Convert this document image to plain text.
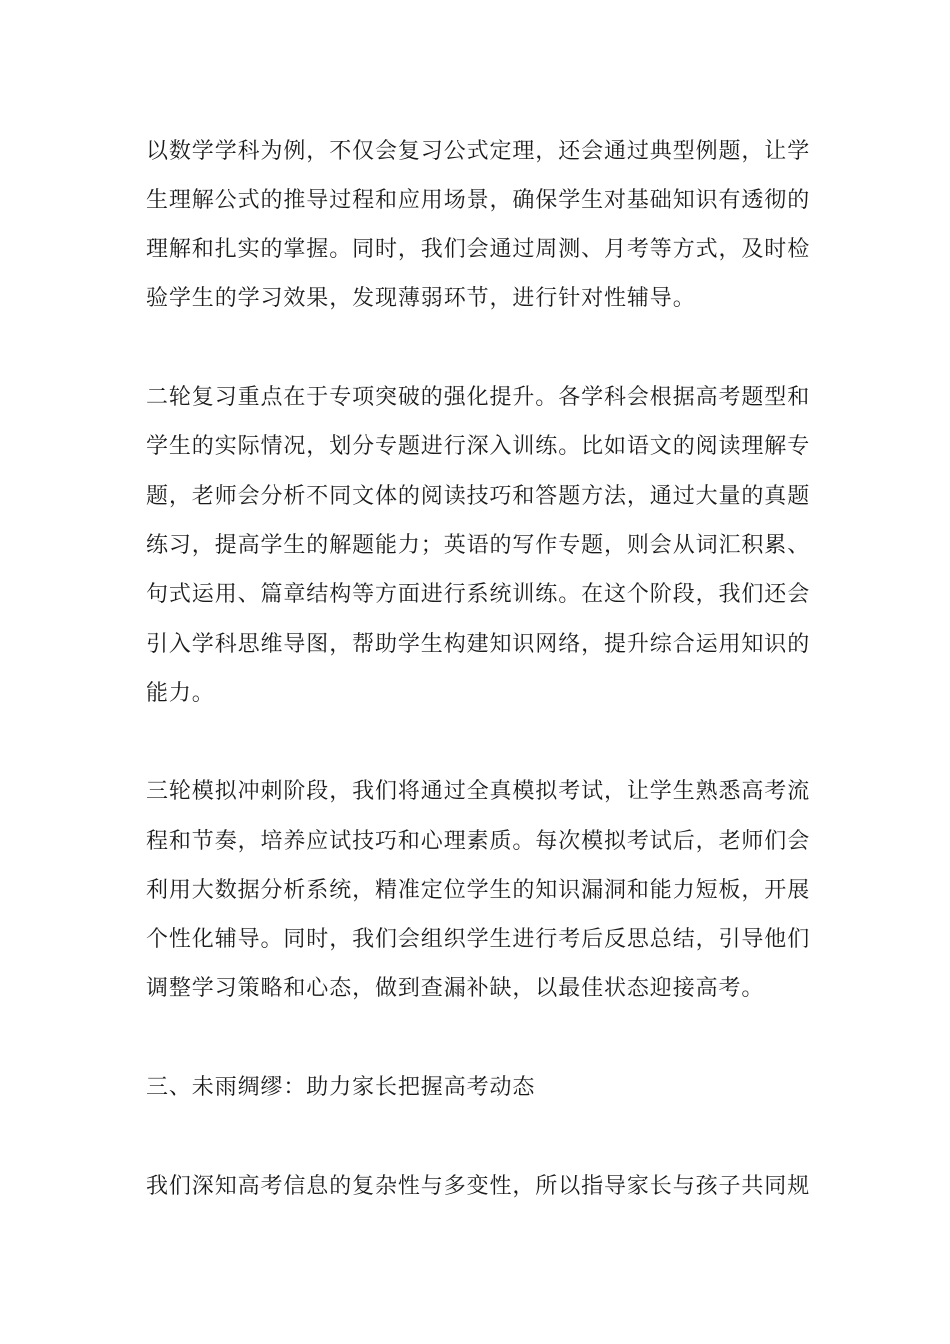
以数学学科为例，不仅会复习公式定理，还会通过典型例题，让学

生理解公式的推导过程和应用场景，确保学生对基础知识有透彻的

理解和扎实的掌握。同时，我们会通过周测、月考等方式，及时检

验学生的学习效果，发现薄弱环节，进行针对性辅导。

二轮复习重点在于专项突破的强化提升。各学科会根据高考题型和

学生的实际情况，划分专题进行深入训练。比如语文的阅读理解专

题，老师会分析不同文体的阅读技巧和答题方法，通过大量的真题

练习，提高学生的解题能力；英语的写作专题，则会从词汇积累、

句式运用、篇章结构等方面进行系统训练。在这个阶段，我们还会

引入学科思维导图，帮助学生构建知识网络，提升综合运用知识的

能力。

三轮模拟冲刺阶段，我们将通过全真模拟考试，让学生熟悉高考流

程和节奏，培养应试技巧和心理素质。每次模拟考试后，老师们会

利用大数据分析系统，精准定位学生的知识漏洞和能力短板，开展

个性化辅导。同时，我们会组织学生进行考后反思总结，引导他们

调整学习策略和心态，做到查漏补缺，以最佳状态迎接高考。

三、未雨绸缪：助力家长把握高考动态

我们深知高考信息的复杂性与多变性，所以指导家长与孩子共同规
